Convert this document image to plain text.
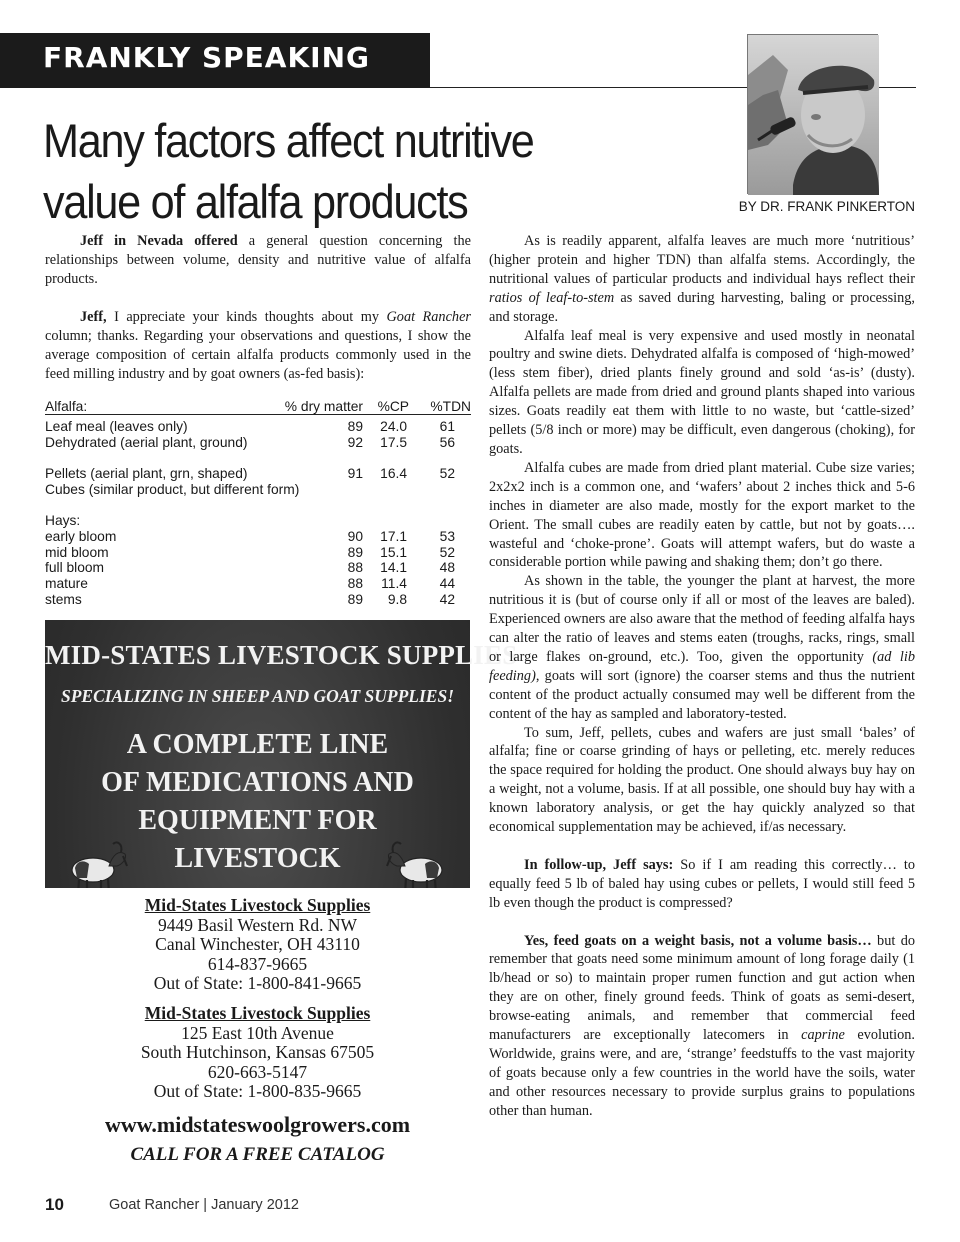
FRANKLY SPEAKING
Many factors affect nutritive
value of alfalfa products	BY DR. FRANK PINKERTON

Jeff in Nevada offered a general question concerning the relationships between volume, density and nutritive value of alfalfa products.

Jeff, I appreciate your kinds thoughts about my Goat Rancher column; thanks. Regarding your observations and questions, I show the average composition of certain alfalfa products commonly used in the feed milling industry and by goat owners (as-fed basis):

Alfalfa:	% dry matter %CP %TDN
Leaf meal (leaves only)	89 24.0 61
Dehydrated (aerial plant, ground)	92 17.5 56
Pellets (aerial plant, grn, shaped)	91 16.4 52
Cubes (similar product, but different form)
Hays:
early bloom	90 17.1 53
mid bloom	89 15.1 52
full bloom	88 14.1 48
mature	88 11.4 44
stems	89 9.8 42
MID-STATES LIVESTOCK SUPPLIES
SPECIALIZING IN SHEEP AND GOAT SUPPLIES!
A COMPLETE LINE
OF MEDICATIONS AND
EQUIPMENT FOR
LIVESTOCK
Mid-States Livestock Supplies
9449 Basil Western Rd. NW
Canal Winchester, OH 43110
614-837-9665
Out of State: 1-800-841-9665
Mid-States Livestock Supplies
125 East 10th Avenue
South Hutchinson, Kansas 67505
620-663-5147
Out of State: 1-800-835-9665
www.midstateswoolgrowers.com
CALL FOR A FREE CATALOG

As is readily apparent, alfalfa leaves are much more ‘nutritious’ (higher protein and higher TDN) than alfalfa stems. Accordingly, the nutritional values of particular products and individual hays reflect their ratios of leaf-to-stem as saved during harvesting, baling or processing, and storage.

Alfalfa leaf meal is very expensive and used mostly in neonatal poultry and swine diets. Dehydrated alfalfa is composed of ‘high-mowed’ (less stem fiber), dried plants finely ground and sold ‘as-is’ (dusty). Alfalfa pellets are made from dried and ground plants shaped into various sizes. Goats readily eat them with little to no waste, but ‘cattle-sized’ pellets (5/8 inch or more) may be difficult, even dangerous (choking), for goats.

Alfalfa cubes are made from dried plant material. Cube size varies; 2x2x2 inch is a common one, and ‘wafers’ about 2 inches thick and 5-6 inches in diameter are also made, mostly for the export market to the Orient. The small cubes are readily eaten by cattle, but not by goats…. wasteful and ‘choke-prone’. Goats will attempt wafers, but do waste a considerable portion while pawing and shaking them; don’t go there.

As shown in the table, the younger the plant at harvest, the more nutritious it is (but of course only if all or most of the leaves are baled). Experienced owners are also aware that the method of feeding alfalfa hays can alter the ratio of leaves and stems eaten (troughs, racks, rings, small or large flakes on-ground, etc.). Too, given the opportunity (ad lib feeding), goats will sort (ignore) the coarser stems and thus the nutrient content of the product actually consumed may well be different from the content of the hay as sampled and laboratory-tested.

To sum, Jeff, pellets, cubes and wafers are just small ‘bales’ of alfalfa; fine or coarse grinding of hays or pelleting, etc. merely reduces the space required for holding the product. One should always buy hay on a weight, not a volume, basis. If at all possible, one should buy hay with a known laboratory analysis, or get the hay quickly analyzed so that economical supplementation may be achieved, if/as necessary.

In follow-up, Jeff says: So if I am reading this correctly… to equally feed 5 lb of baled hay using cubes or pellets, I would still feed 5 lb even though the product is compressed?

Yes, feed goats on a weight basis, not a volume basis… but do remember that goats need some minimum amount of long forage daily (1 lb/head or so) to maintain proper rumen function and gut action when they are on other, finely ground feeds. Think of goats as semi-desert, browse-eating animals, and remember that commercial feed manufacturers are exceptionally latecomers in caprine evolution. Worldwide, grains were, and are, ‘strange’ feedstuffs to the vast majority of goats because only a few countries in the world have the soils, water and other resources necessary to provide surplus grains to populations other than human.

10	Goat Rancher | January 2012
